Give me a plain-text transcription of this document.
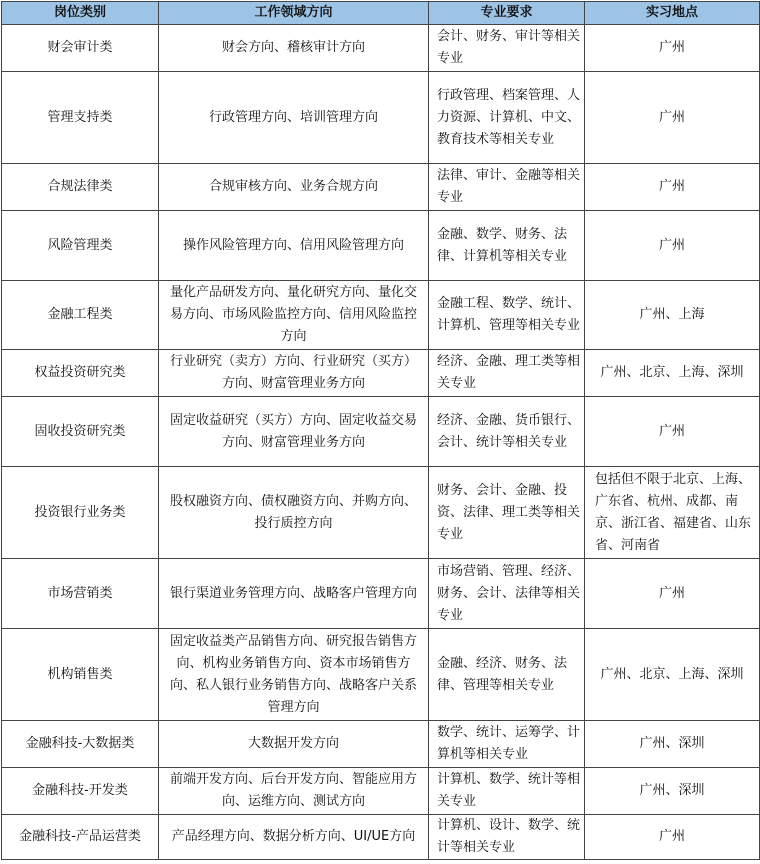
岗位类别	工作领域方向	专业要求	实习地点
财会审计类	财会方向、稽核审计方向	会计、财务、审计等相关专业	广州
管理支持类	行政管理方向、培训管理方向	行政管理、档案管理、人力资源、计算机、中文、教育技术等相关专业	广州
合规法律类	合规审核方向、业务合规方向	法律、审计、金融等相关专业	广州
风险管理类	操作风险管理方向、信用风险管理方向	金融、数学、财务、法律、计算机等相关专业	广州
金融工程类	量化产品研发方向、量化研究方向、量化交易方向、市场风险监控方向、信用风险监控方向	金融工程、数学、统计、计算机、管理等相关专业	广州、上海
权益投资研究类	行业研究（卖方）方向、行业研究（买方）方向、财富管理业务方向	经济、金融、理工类等相关专业	广州、北京、上海、深圳
固收投资研究类	固定收益研究（买方）方向、固定收益交易方向、财富管理业务方向	经济、金融、货币银行、会计、统计等相关专业	广州
投资银行业务类	股权融资方向、债权融资方向、并购方向、投行质控方向	财务、会计、金融、投资、法律、理工类等相关专业	包括但不限于北京、上海、广东省、杭州、成都、南京、浙江省、福建省、山东省、河南省
市场营销类	银行渠道业务管理方向、战略客户管理方向	市场营销、管理、经济、财务、会计、法律等相关专业	广州
机构销售类	固定收益类产品销售方向、研究报告销售方向、机构业务销售方向、资本市场销售方向、私人银行业务销售方向、战略客户关系管理方向	金融、经济、财务、法律、管理等相关专业	广州、北京、上海、深圳
金融科技-大数据类	大数据开发方向	数学、统计、运筹学、计算机等相关专业	广州、深圳
金融科技-开发类	前端开发方向、后台开发方向、智能应用方向、运维方向、测试方向	计算机、数学、统计等相关专业	广州、深圳
金融科技-产品运营类	产品经理方向、数据分析方向、UI/UE方向	计算机、设计、数学、统计等相关专业	广州
